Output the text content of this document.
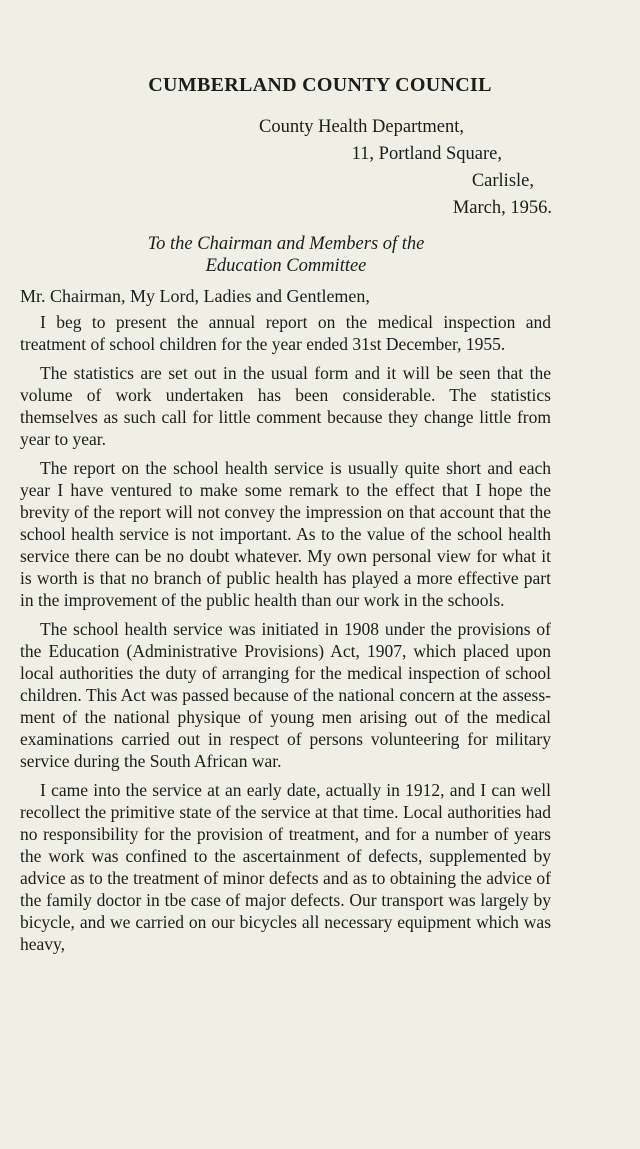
CUMBERLAND COUNTY COUNCIL
County Health Department,
11, Portland Square,
Carlisle,
March, 1956.
To the Chairman and Members of the
Education Committee

Mr. Chairman, My Lord, Ladies and Gentlemen,

I beg to present the annual report on the medical inspection and treatment of school children for the year ended 31st December, 1955.

The statistics are set out in the usual form and it will be seen that the volume of work undertaken has been considerable. The statistics themselves as such call for little comment because they change little from year to year.

The report on the school health service is usually quite short and each year I have ventured to make some remark to the effect that I hope the brevity of the report will not convey the impression on that account that the school health service is not important. As to the value of the school health service there can be no doubt whatever. My own personal view for what it is worth is that no branch of public health has played a more effective part in the improvement of the public health than our work in the schools.

The school health service was initiated in 1908 under the provisions of the Education (Administrative Provisions) Act, 1907, which placed upon local authorities the duty of arranging for the medical inspection of school children. This Act was passed because of the national concern at the assessment of the national physique of young men arising out of the medical examinations carried out in respect of persons volunteering for military service during the South African war.

I came into the service at an early date, actually in 1912, and I can well recollect the primitive state of the service at that time. Local authorities had no responsibility for the provision of treatment, and for a number of years the work was confined to the ascertainment of defects, supplemented by advice as to the treatment of minor defects and as to obtaining the advice of the family doctor in tbe case of major defects. Our transport was largely by bicycle, and we carried on our bicycles all necessary equipment which was heavy,
